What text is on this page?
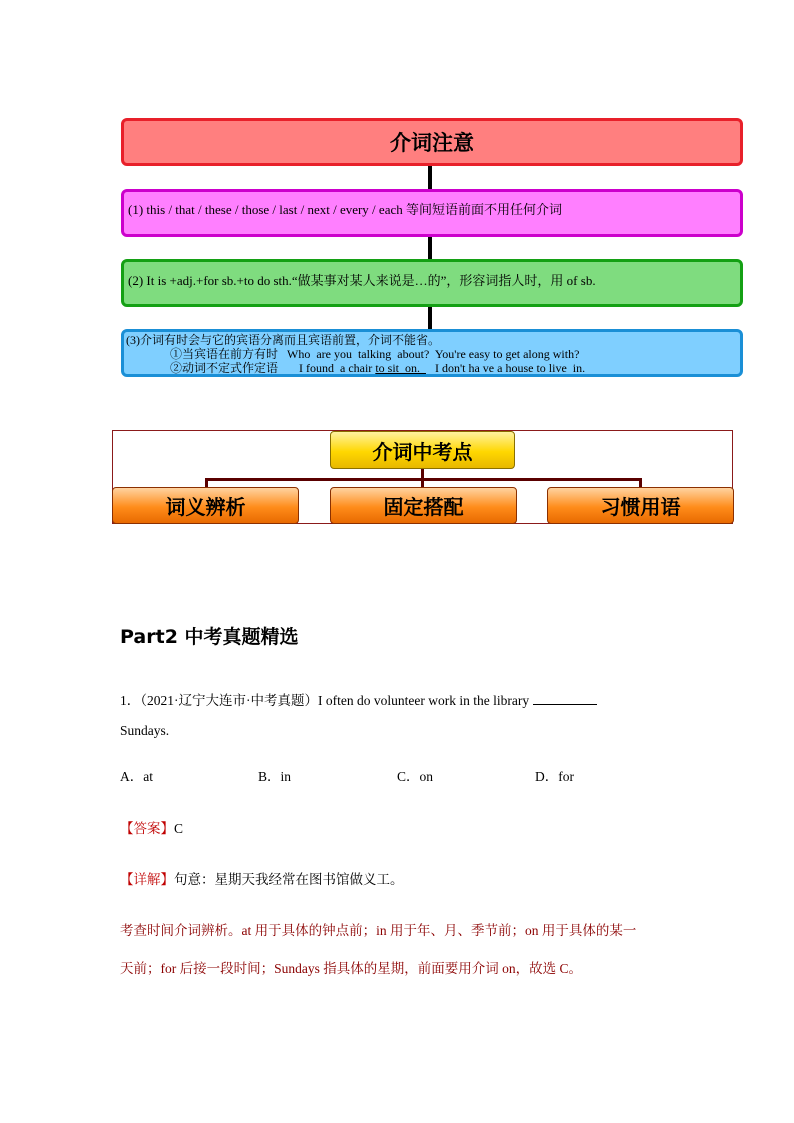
介词注意
(1) this / that / these / those / last / next / every / each 等间短语前面不用任何介词
(2) It is +adj.+for sb.+to do sth.“做某事对某人来说是…的”，形容词指人时，用 of sb.
(3)介词有时会与它的宾语分离而且宾语前置，介词不能省。
①当宾语在前方有时   Who  are you  talking  about?  You're easy to get along with?
②动词不定式作定语       I found  a chair to sit  on.     I don't ha ve a house to live  in.
介词中考点
词义辨析	固定搭配	习惯用语
Part2 中考真题精选
1．（2021·辽宁大连市·中考真题）I often do volunteer work in the library
Sundays.
A．at	B．in	C．on	D．for
【答案】C
【详解】句意：星期天我经常在图书馆做义工。
考查时间介词辨析。at 用于具体的钟点前；in 用于年、月、季节前；on 用于具体的某一
天前；for 后接一段时间；Sundays 指具体的星期，前面要用介词 on，故选 C。
